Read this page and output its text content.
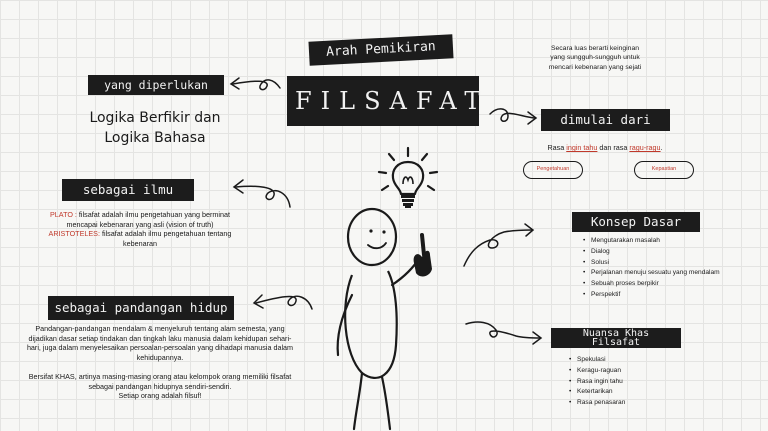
Arah Pemikiran
FILSAFAT
yang diperlukan
Logika Berfikir dan
Logika Bahasa
sebagai ilmu
PLATO : filsafat adalah ilmu pengetahuan yang berminat
mencapai kebenaran yang asli (vision of truth)
ARISTOTELES: filsafat adalah ilmu pengetahuan tentang
kebenaran
sebagai pandangan hidup
Pandangan-pandangan mendalam & menyeluruh tentang alam semesta, yang
dijadikan dasar setiap tindakan dan tingkah laku manusia dalam kehidupan sehari-
hari, juga dalam menyelesaikan persoalan-persoalan yang dihadapi manusia dalam
kehidupannya.
Bersifat KHAS, artinya masing-masing orang atau kelompok orang memiliki filsafat
sebagai pandangan hidupnya sendiri-sendiri.
Setiap orang adalah filsuf!
Secara luas berarti keinginan
yang sungguh-sungguh untuk
mencari kebenaran yang sejati
dimulai dari
Rasa ingin tahu dan rasa ragu-ragu.
Pengetahuan	Kepastian
Konsep Dasar
• Mengutarakan masalah
• Dialog
• Solusi
• Perjalanan menuju sesuatu yang mendalam
• Sebuah proses berpikir
• Perspektif
Nuansa Khas
Filsafat
• Spekulasi
• Keragu-raguan
• Rasa ingin tahu
• Ketertarikan
• Rasa penasaran
